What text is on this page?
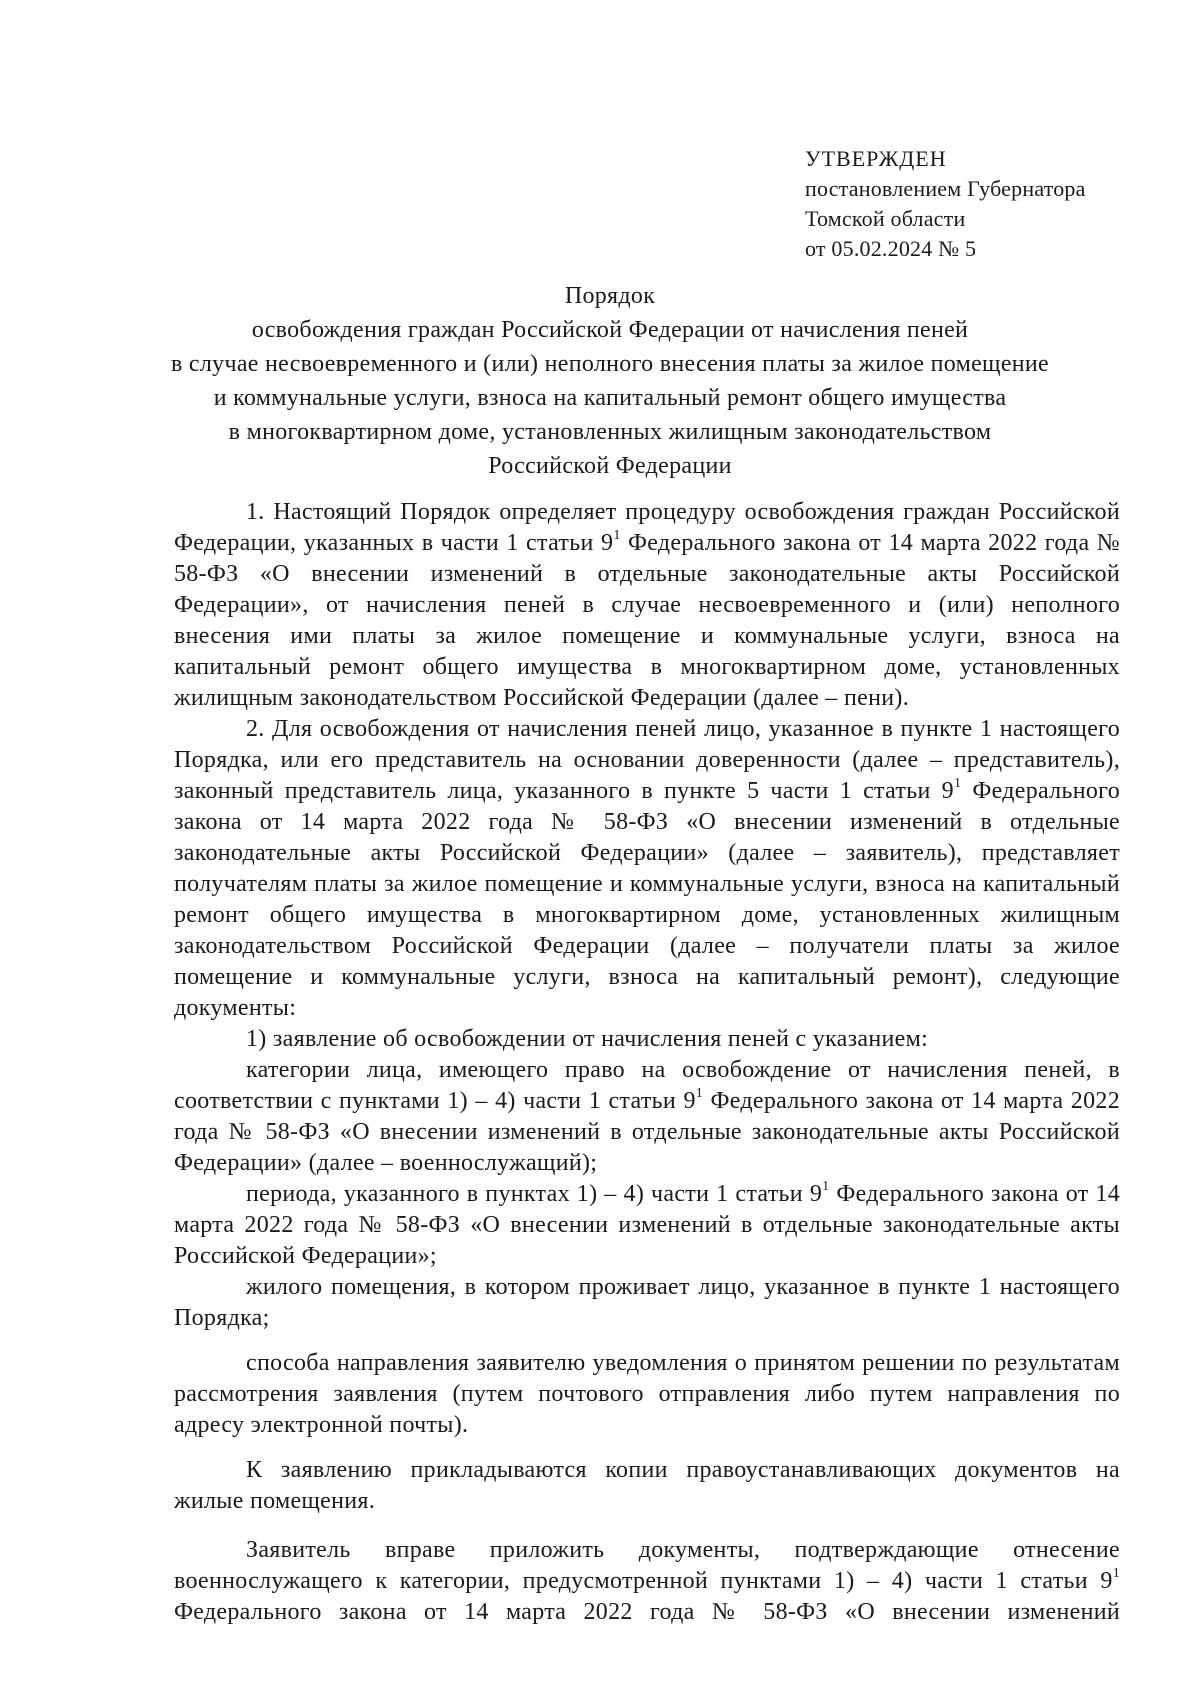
УТВЕРЖДЕН
постановлением Губернатора
Томской области
от 05.02.2024 № 5
Порядок
освобождения граждан Российской Федерации от начисления пеней
в случае несвоевременного и (или) неполного внесения платы за жилое помещение
и коммунальные услуги, взноса на капитальный ремонт общего имущества
в многоквартирном доме, установленных жилищным законодательством
Российской Федерации

1. Настоящий Порядок определяет процедуру освобождения граждан Российской Федерации, указанных в части 1 статьи $9^1$ Федерального закона от 14 марта 2022 года № 58-ФЗ «О внесении изменений в отдельные законодательные акты Российской Федерации», от начисления пеней в случае несвоевременного и (или) неполного внесения ими платы за жилое помещение и коммунальные услуги, взноса на капитальный ремонт общего имущества в многоквартирном доме, установленных жилищным законодательством Российской Федерации (далее – пени).

2. Для освобождения от начисления пеней лицо, указанное в пункте 1 настоящего Порядка, или его представитель на основании доверенности (далее – представитель), законный представитель лица, указанного в пункте 5 части 1 статьи $9^1$ Федерального закона от 14 марта 2022 года № 58-ФЗ «О внесении изменений в отдельные законодательные акты Российской Федерации» (далее – заявитель), представляет получателям платы за жилое помещение и коммунальные услуги, взноса на капитальный ремонт общего имущества в многоквартирном доме, установленных жилищным законодательством Российской Федерации (далее – получатели платы за жилое помещение и коммунальные услуги, взноса на капитальный ремонт), следующие документы:

1) заявление об освобождении от начисления пеней с указанием:

категории лица, имеющего право на освобождение от начисления пеней, в соответствии с пунктами 1) – 4) части 1 статьи $9^1$ Федерального закона от 14 марта 2022 года № 58-ФЗ «О внесении изменений в отдельные законодательные акты Российской Федерации» (далее – военнослужащий);

периода, указанного в пунктах 1) – 4) части 1 статьи $9^1$ Федерального закона от 14 марта 2022 года № 58-ФЗ «О внесении изменений в отдельные законодательные акты Российской Федерации»;

жилого помещения, в котором проживает лицо, указанное в пункте 1 настоящего Порядка;

способа направления заявителю уведомления о принятом решении по результатам рассмотрения заявления (путем почтового отправления либо путем направления по адресу электронной почты).

К заявлению прикладываются копии правоустанавливающих документов на жилые помещения.

Заявитель вправе приложить документы, подтверждающие отнесение военнослужащего к категории, предусмотренной пунктами 1) – 4) части 1 статьи $9^1$ Федерального закона от 14 марта 2022 года № 58-ФЗ «О внесении изменений
